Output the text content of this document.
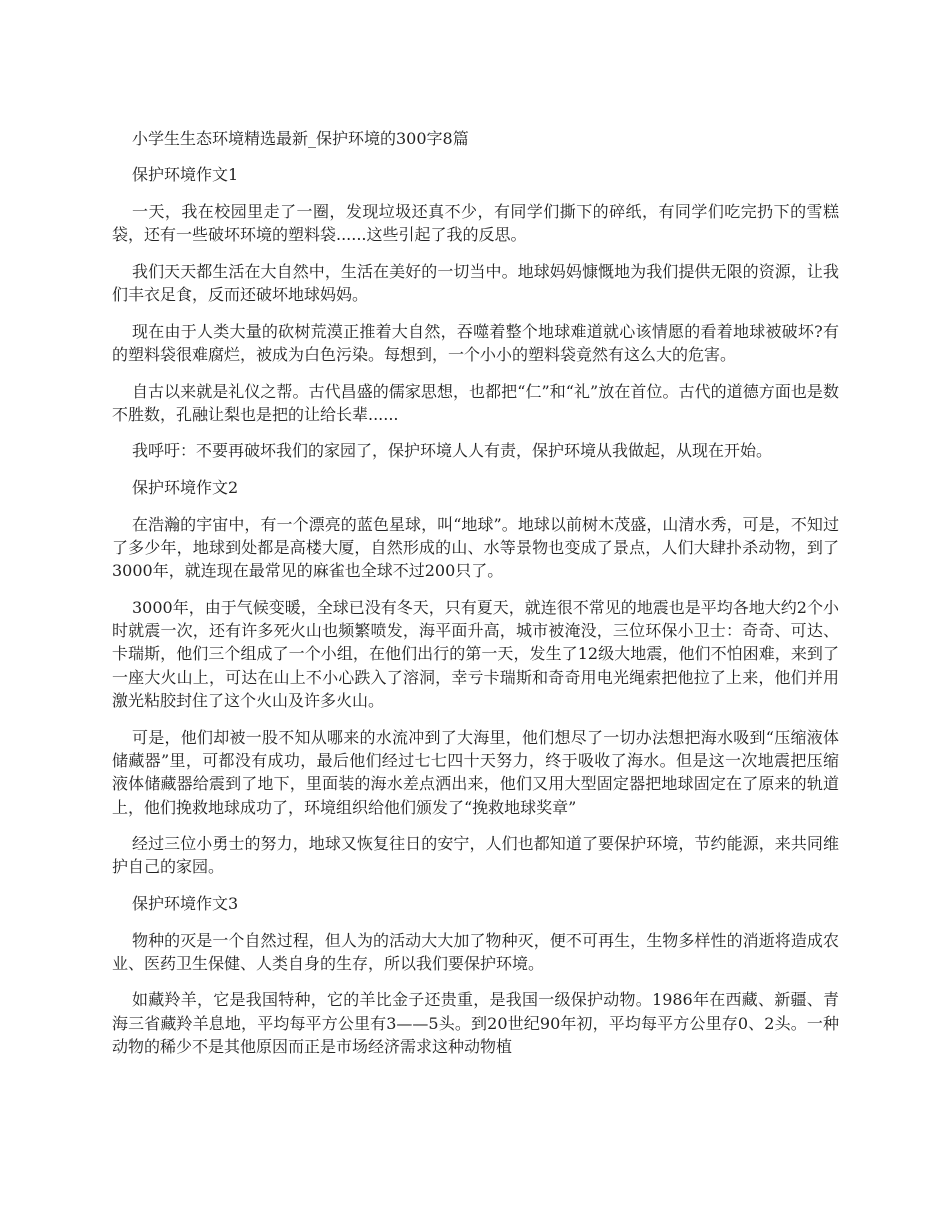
小学生生态环境精选最新_保护环境的300字8篇

保护环境作文1

一天，我在校园里走了一圈，发现垃圾还真不少，有同学们撕下的碎纸，有同学们吃完扔下的雪糕袋，还有一些破坏环境的塑料袋......这些引起了我的反思。

我们天天都生活在大自然中，生活在美好的一切当中。地球妈妈慷慨地为我们提供无限的资源，让我们丰衣足食，反而还破坏地球妈妈。

现在由于人类大量的砍树荒漠正推着大自然，吞噬着整个地球难道就心该情愿的看着地球被破坏?有的塑料袋很难腐烂，被成为白色污染。每想到，一个小小的塑料袋竟然有这么大的危害。

自古以来就是礼仪之帮。古代昌盛的儒家思想，也都把“仁”和“礼”放在首位。古代的道德方面也是数不胜数，孔融让梨也是把的让给长辈......

我呼吁：不要再破坏我们的家园了，保护环境人人有责，保护环境从我做起，从现在开始。

保护环境作文2

在浩瀚的宇宙中，有一个漂亮的蓝色星球，叫“地球”。地球以前树木茂盛，山清水秀，可是，不知过了多少年，地球到处都是高楼大厦，自然形成的山、水等景物也变成了景点，人们大肆扑杀动物，到了3000年，就连现在最常见的麻雀也全球不过200只了。

3000年，由于气候变暖，全球已没有冬天，只有夏天，就连很不常见的地震也是平均各地大约2个小时就震一次，还有许多死火山也频繁喷发，海平面升高，城市被淹没，三位环保小卫士：奇奇、可达、卡瑞斯，他们三个组成了一个小组，在他们出行的第一天，发生了12级大地震，他们不怕困难，来到了一座大火山上，可达在山上不小心跌入了溶洞，幸亏卡瑞斯和奇奇用电光绳索把他拉了上来，他们并用激光粘胶封住了这个火山及许多火山。

可是，他们却被一股不知从哪来的水流冲到了大海里，他们想尽了一切办法想把海水吸到“压缩液体储藏器”里，可都没有成功，最后他们经过七七四十天努力，终于吸收了海水。但是这一次地震把压缩液体储藏器给震到了地下，里面装的海水差点洒出来，他们又用大型固定器把地球固定在了原来的轨道上，他们挽救地球成功了，环境组织给他们颁发了“挽救地球奖章”

经过三位小勇士的努力，地球又恢复往日的安宁，人们也都知道了要保护环境，节约能源，来共同维护自己的家园。

保护环境作文3

物种的灭是一个自然过程，但人为的活动大大加了物种灭，便不可再生，生物多样性的消逝将造成农业、医药卫生保健、人类自身的生存，所以我们要保护环境。

如藏羚羊，它是我国特种，它的羊比金子还贵重，是我国一级保护动物。1986年在西藏、新疆、青海三省藏羚羊息地，平均每平方公里有3——5头。到20世纪90年初，平均每平方公里存0、2头。一种动物的稀少不是其他原因而正是市场经济需求这种动物植
